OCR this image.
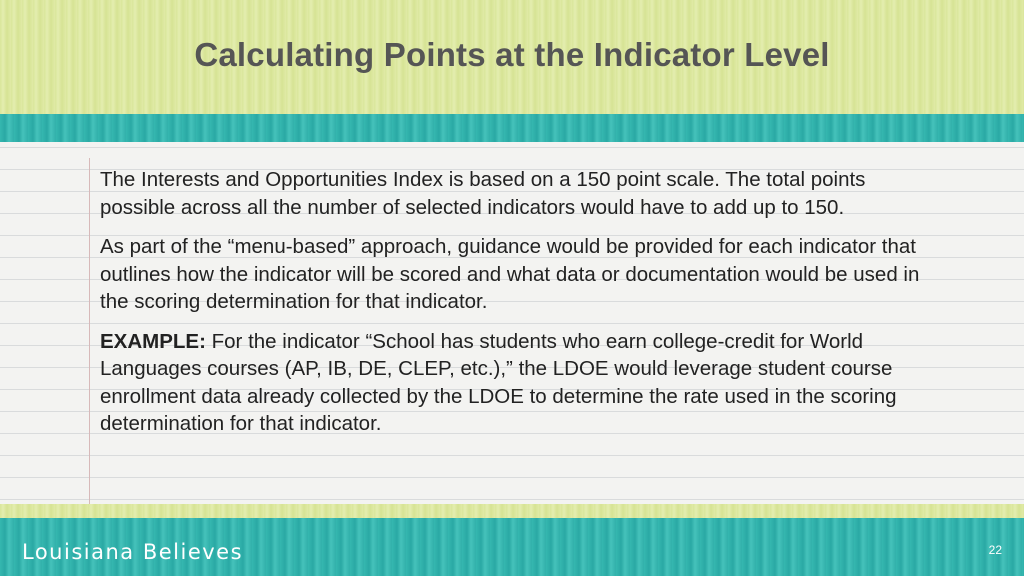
Calculating Points at the Indicator Level

The Interests and Opportunities Index is based on a 150 point scale. The total points possible across all the number of selected indicators would have to add up to 150.

As part of the “menu-based” approach, guidance would be provided for each indicator that outlines how the indicator will be scored and what data or documentation would be used in the scoring determination for that indicator.

EXAMPLE: For the indicator “School has students who earn college-credit for World Languages courses (AP, IB, DE, CLEP, etc.),” the LDOE would leverage student course enrollment data already collected by the LDOE to determine the rate used in the scoring determination for that indicator.

Louisiana Believes	22
